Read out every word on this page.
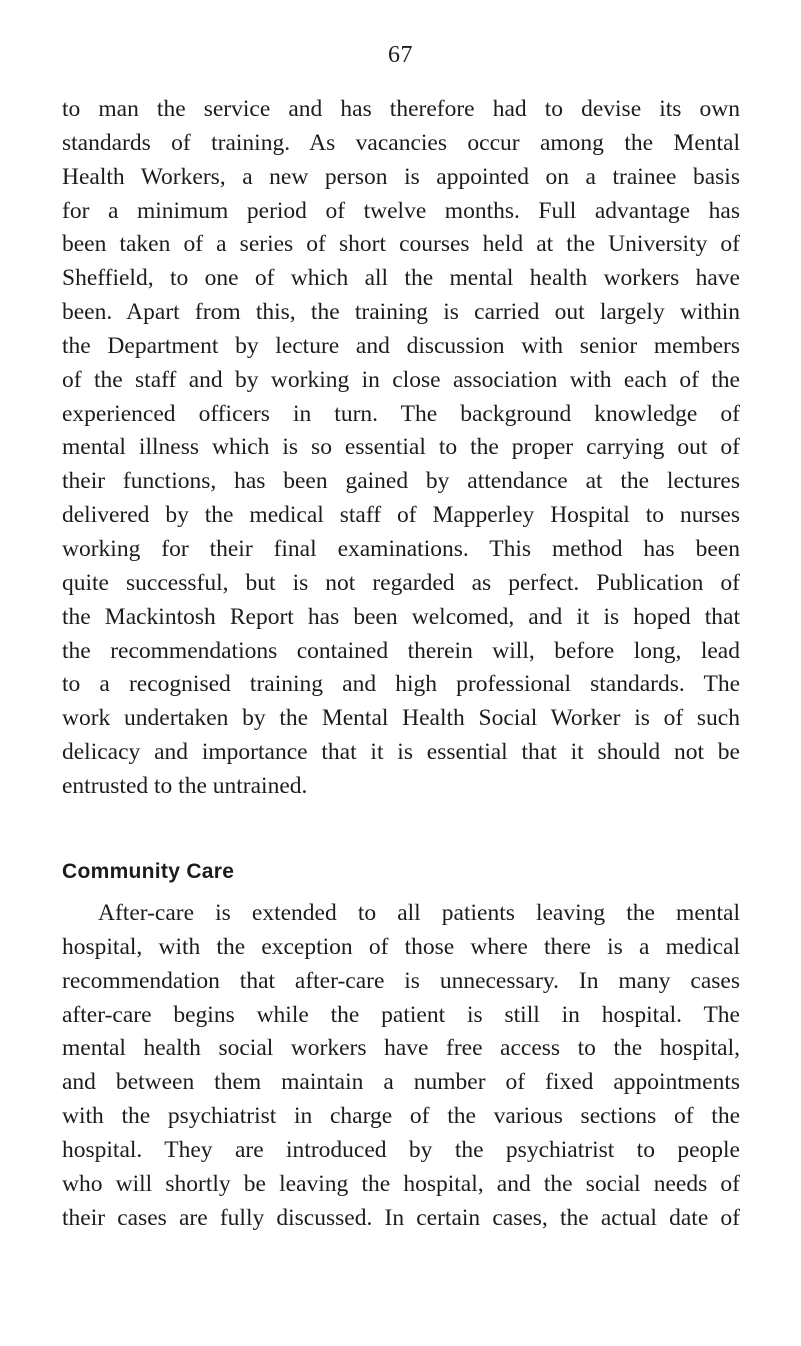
67
to man the service and has therefore had to devise its own
standards of training. As vacancies occur among the Mental
Health Workers, a new person is appointed on a trainee basis
for a minimum period of twelve months. Full advantage has
been taken of a series of short courses held at the University of
Sheffield, to one of which all the mental health workers have
been. Apart from this, the training is carried out largely within
the Department by lecture and discussion with senior members
of the staff and by working in close association with each of the
experienced officers in turn. The background knowledge of
mental illness which is so essential to the proper carrying out of
their functions, has been gained by attendance at the lectures
delivered by the medical staff of Mapperley Hospital to nurses
working for their final examinations. This method has been
quite successful, but is not regarded as perfect. Publication of
the Mackintosh Report has been welcomed, and it is hoped that
the recommendations contained therein will, before long, lead
to a recognised training and high professional standards. The
work undertaken by the Mental Health Social Worker is of such
delicacy and importance that it is essential that it should not be
entrusted to the untrained.
Community Care
After-care is extended to all patients leaving the mental
hospital, with the exception of those where there is a medical
recommendation that after-care is unnecessary. In many cases
after-care begins while the patient is still in hospital. The
mental health social workers have free access to the hospital,
and between them maintain a number of fixed appointments
with the psychiatrist in charge of the various sections of the
hospital. They are introduced by the psychiatrist to people
who will shortly be leaving the hospital, and the social needs of
their cases are fully discussed. In certain cases, the actual date of
